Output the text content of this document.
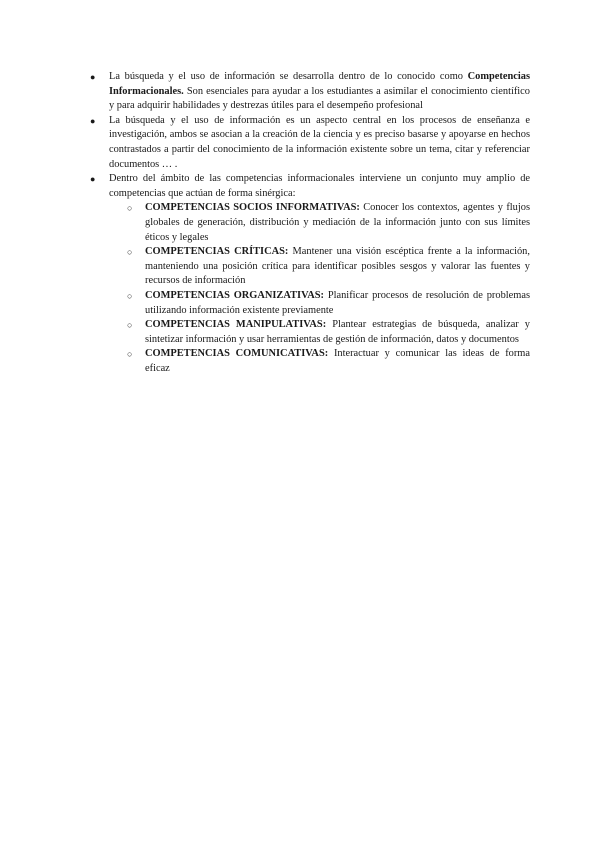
●	La búsqueda y el uso de información se desarrolla dentro de lo conocido como Competencias Informacionales. Son esenciales para ayudar a los estudiantes a asimilar el conocimiento científico y para adquirir habilidades y destrezas útiles para el desempeño profesional
●	La búsqueda y el uso de información es un aspecto central en los procesos de enseñanza e investigación, ambos se asocian a la creación de la ciencia y es preciso basarse y apoyarse en hechos contrastados a partir del conocimiento de la información existente sobre un tema, citar y referenciar documentos … .
●	Dentro del ámbito de las competencias informacionales interviene un conjunto muy amplio de competencias que actúan de forma sinérgica:
○	COMPETENCIAS SOCIOS INFORMATIVAS: Conocer los contextos, agentes y flujos globales de generación, distribución y mediación de la información junto con sus límites éticos y legales
○	COMPETENCIAS CRÍTICAS: Mantener una visión escéptica frente a la información, manteniendo una posición crítica para identificar posibles sesgos y valorar las fuentes y recursos de información
○	COMPETENCIAS ORGANIZATIVAS: Planificar procesos de resolución de problemas utilizando información existente previamente
○	COMPETENCIAS MANIPULATIVAS: Plantear estrategias de búsqueda, analizar y sintetizar información y usar herramientas de gestión de información, datos y documentos
○	COMPETENCIAS COMUNICATIVAS: Interactuar y comunicar las ideas de forma eficaz
